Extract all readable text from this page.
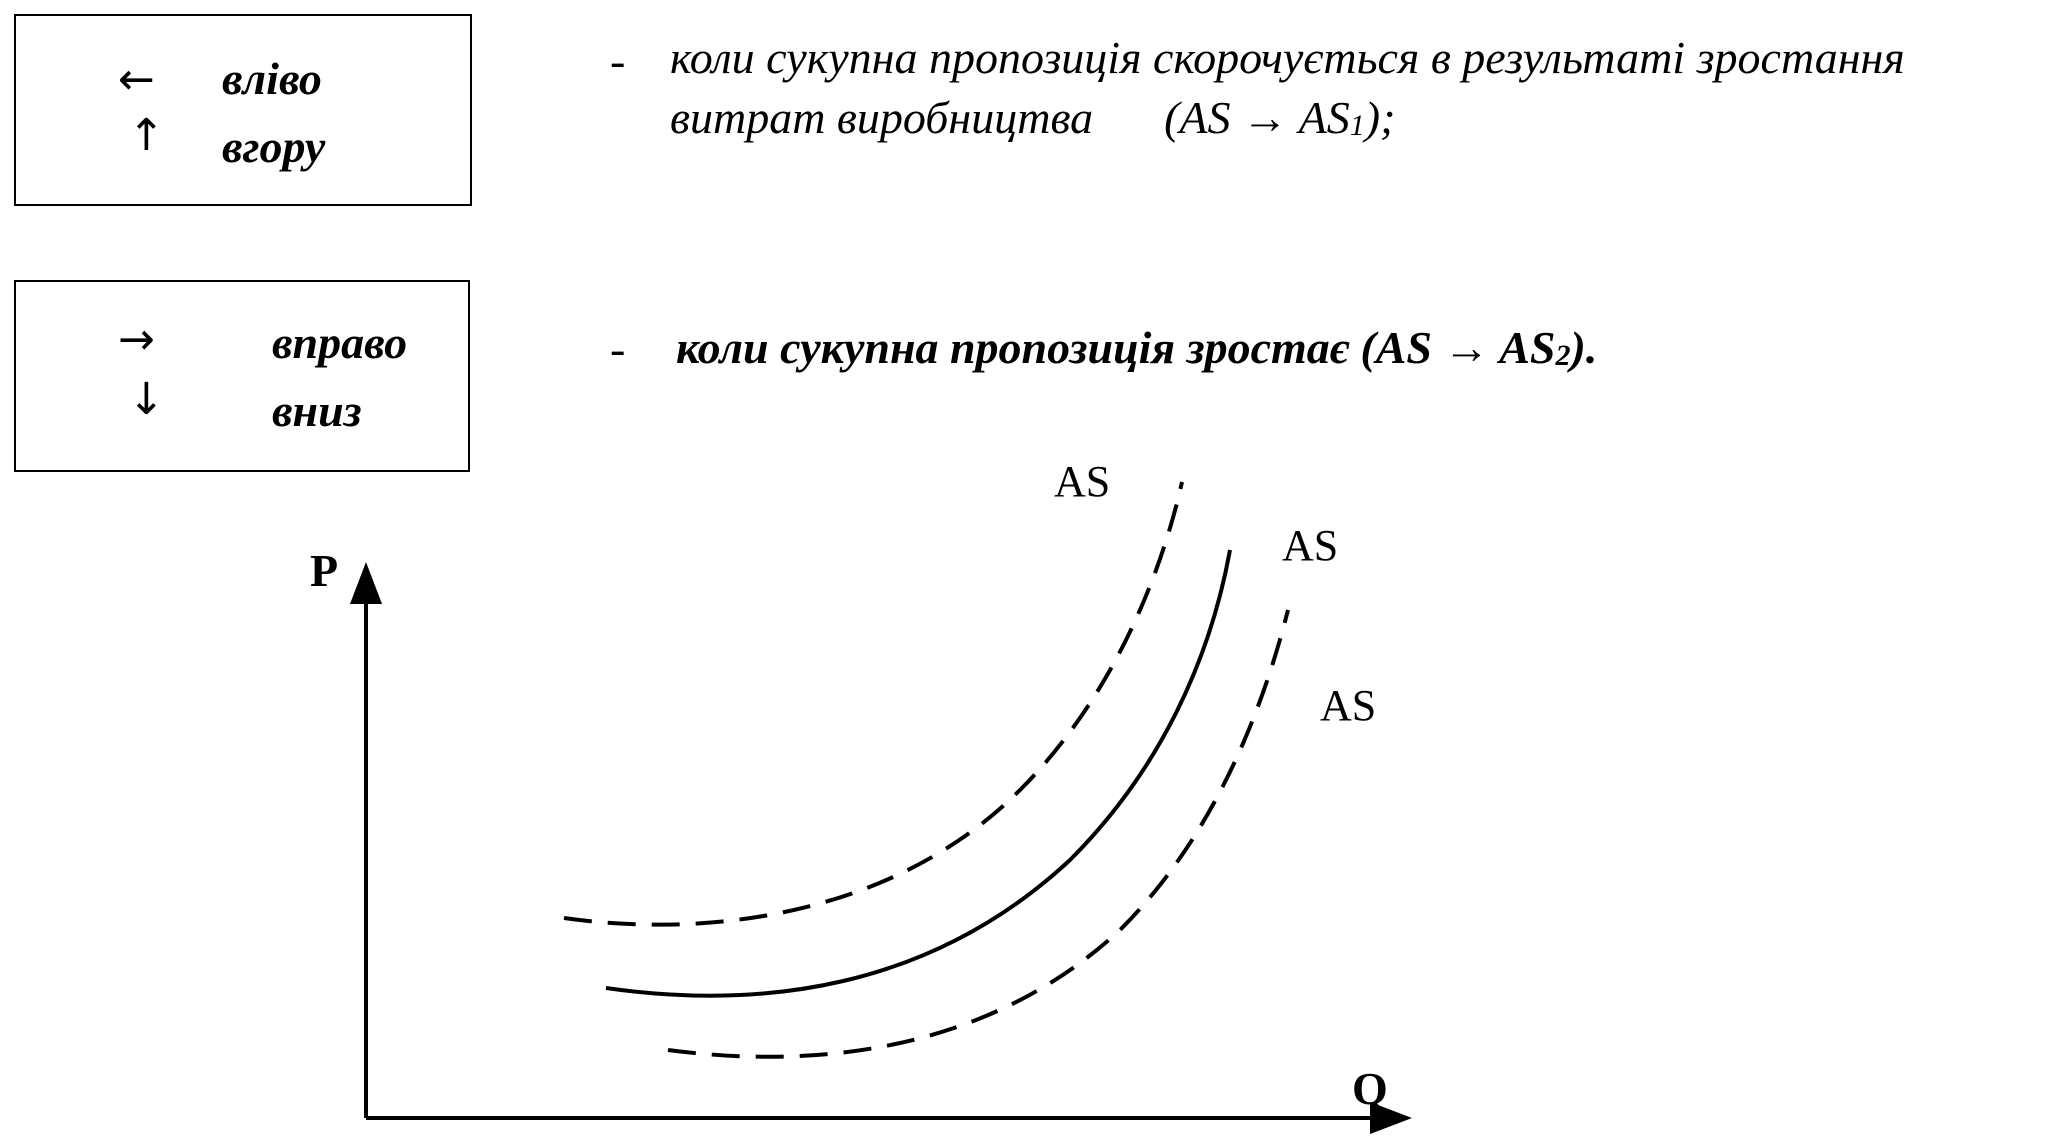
← вліво
↑ вгору
→	вправо
↓ вниз
- коли сукупна пропозиція скорочується в результаті зростання
витрат виробництва $(AS \to AS_1)$;
- коли сукупна пропозиція зростає $(AS \to AS_2)$.
P
Q
AS
AS
AS
